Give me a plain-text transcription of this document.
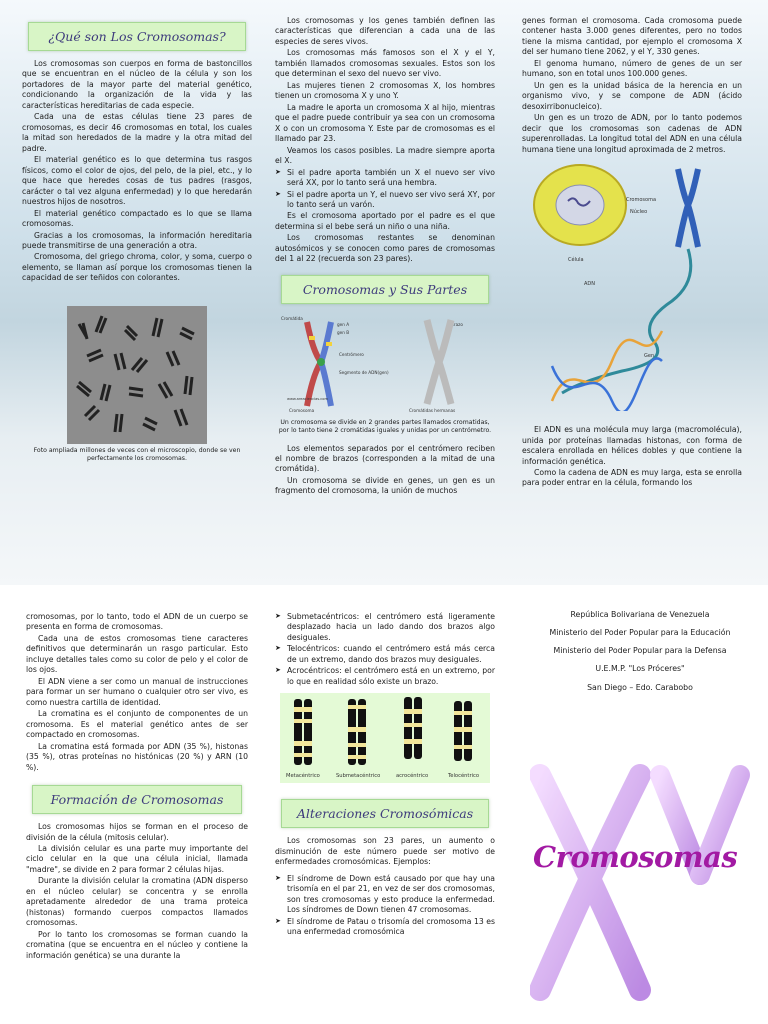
¿Qué son Los Cromosomas?

Los cromosomas son cuerpos en forma de bastoncillos que se encuentran en el núcleo de la célula y son los portadores de la mayor parte del material genético, condicionando la organización de la vida y las características hereditarias de cada especie.

Cada una de estas células tiene 23 pares de cromosomas, es decir 46 cromosomas en total, los cuales la mitad son heredados de la madre y la otra mitad del padre.

El material genético es lo que determina tus rasgos físicos, como el color de ojos, del pelo, de la piel, etc., y lo que hace que heredes cosas de tus padres (rasgos, carácter o tal vez alguna enfermedad) y lo que heredarán nuestros hijos de nosotros.

El material genético compactado es lo que se llama cromosomas.

Gracias a los cromosomas, la información hereditaria puede transmitirse de una generación a otra.

Cromosoma, del griego chroma, color, y soma, cuerpo o elemento, se llaman así porque los cromosomas tienen la capacidad de ser teñidos con colorantes.

Foto ampliada millones de veces con el microscopio, donde se ven perfectamente los cromosomas.

Los cromosomas y los genes también definen las características que diferencian a cada una de las especies de seres vivos.

Los cromosomas más famosos son el X y el Y, también llamados cromosomas sexuales. Estos son los que determinan el sexo del nuevo ser vivo.

Las mujeres tienen 2 cromosomas X, los hombres tienen un cromosoma X y uno Y.

La madre le aporta un cromosoma X al hijo, mientras que el padre puede contribuir ya sea con un cromosoma X o con un cromosoma Y. Este par de cromosomas es el llamado par 23.

Veamos los casos posibles. La madre siempre aporta el X.

➤ Si el padre aporta también un X el nuevo ser vivo será XX, por lo tanto será una hembra.
➤ Si el padre aporta un Y, el nuevo ser vivo será XY, por lo tanto será un varón.

Es el cromosoma aportado por el padre es el que determina si el bebe será un niño o una niña.

Los cromosomas restantes se denominan autosómicos y se conocen como pares de cromosomas del 1 al 22 (recuerda son 23 pares).

Cromosomas y Sus Partes
Cromátida
gen A
gen B
Centrómero
Segmento de ADN(gen)
Cromosoma
www.areaciencias.com
Brazo
Cromátidas hermanas
Un cromosoma se divide en 2 grandes partes llamados cromatidas, por lo tanto tiene 2 cromátidas iguales y unidas por un centrómetro.

Los elementos separados por el centrómero reciben el nombre de brazos (corresponden a la mitad de una cromátida).

Un cromosoma se divide en genes, un gen es un fragmento del cromosoma, la unión de muchos

genes forman el cromosoma. Cada cromosoma puede contener hasta 3.000 genes diferentes, pero no todos tiene la misma cantidad, por ejemplo el cromosoma X del ser humano tiene 2062, y el Y, 330 genes.

El genoma humano, número de genes de un ser humano, son en total unos 100.000 genes.

Un gen es la unidad básica de la herencia en un organismo vivo, y se compone de ADN (ácido desoxirribonucleico).

Un gen es un trozo de ADN, por lo tanto podemos decir que los cromosomas son cadenas de ADN superenrolladas. La longitud total del ADN en una célula humana tiene una longitud aproximada de 2 metros.

Cromosoma
Núcleo
Célula
ADN
Gen

El ADN es una molécula muy larga (macromolécula), unida por proteínas llamadas histonas, con forma de escalera enrollada en hélices dobles y que contiene la información genética.

Como la cadena de ADN es muy larga, esta se enrolla para poder entrar en la célula, formando los

cromosomas, por lo tanto, todo el ADN de un cuerpo se presenta en forma de cromosomas.

Cada una de estos cromosomas tiene caracteres definitivos que determinarán un rasgo particular. Esto incluye detalles tales como su color de pelo y el color de los ojos.

El ADN viene a ser como un manual de instrucciones para formar un ser humano o cualquier otro ser vivo, es como nuestra cartilla de identidad.

La cromatina es el conjunto de componentes de un cromosoma. Es el material genético antes de ser compactado en cromosomas.

La cromatina está formada por ADN (35 %), histonas (35 %), otras proteínas no histónicas (20 %) y ARN (10 %).

Formación de Cromosomas

Los cromosomas hijos se forman en el proceso de división de la célula (mitosis celular).

La división celular es una parte muy importante del ciclo celular en la que una célula inicial, llamada "madre", se divide en 2 para formar 2 células hijas.

Durante la división celular la cromatina (ADN disperso en el núcleo celular) se concentra y se enrolla apretadamente alrededor de una trama proteica (histonas) formando cuerpos compactos llamados cromosomas.

Por lo tanto los cromosomas se forman cuando la cromatina (que se encuentra en el núcleo y contiene la información genética) se una durante la

➤ Submetacéntricos: el centrómero está ligeramente desplazado hacia un lado dando dos brazos algo desiguales.
➤ Telocéntricos: cuando el centrómero está más cerca de un extremo, dando dos brazos muy desiguales.
➤ Acrocéntricos: el centrómero está en un extremo, por lo que en realidad sólo existe un brazo.
Metacéntrico	Submetacéntrico	acrocéntrico	Telocéntrico
Alteraciones Cromosómicas

Los cromosomas son 23 pares, un aumento o disminución de este número puede ser motivo de enfermedades cromosómicas. Ejemplos:

➤ El síndrome de Down está causado por que hay una trisomía en el par 21, en vez de ser dos cromosomas, son tres cromosomas y esto produce la enfermedad. Los síndromes de Down tienen 47 cromosomas.
➤ El síndrome de Patau o trisomía del cromosoma 13 es una enfermedad cromosómica
República Bolivariana de Venezuela
Ministerio del Poder Popular para la Educación
Ministerio del Poder Popular para la Defensa
U.E.M.P. "Los Próceres"
San Diego – Edo. Carabobo
Cromosomas
